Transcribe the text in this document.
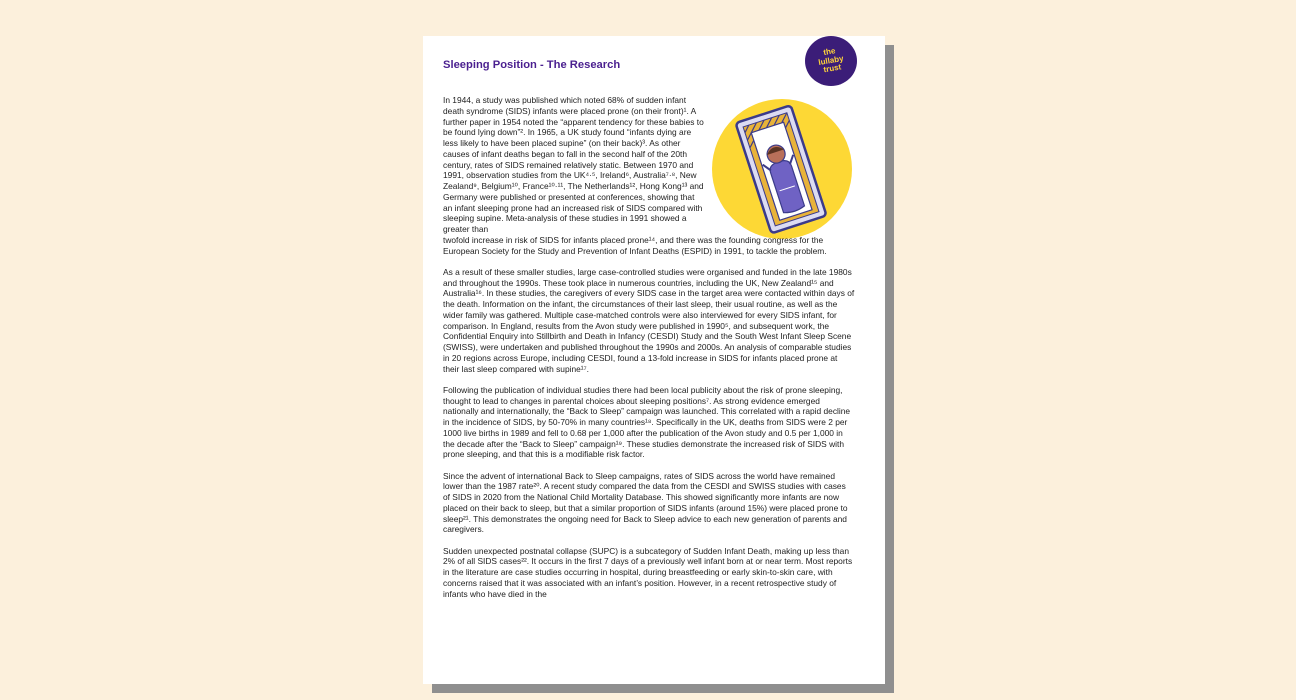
Sleeping Position - The Research
the lullaby trust

In 1944, a study was published which noted 68% of sudden infant death syndrome (SIDS) infants were placed prone (on their front)¹. A further paper in 1954 noted the “apparent tendency for these babies to be found lying down”². In 1965, a UK study found “infants dying are less likely to have been placed supine” (on their back)³. As other causes of infant deaths began to fall in the second half of the 20th century, rates of SIDS remained relatively static. Between 1970 and 1991, observation studies from the UK⁴·⁵, Ireland⁶, Australia⁷·⁸, New Zealand⁹, Belgium¹⁰, France¹⁰·¹¹, The Netherlands¹², Hong Kong¹³ and Germany were published or presented at conferences, showing that an infant sleeping prone had an increased risk of SIDS compared with sleeping supine. Meta-analysis of these studies in 1991 showed a greater than
twofold increase in risk of SIDS for infants placed prone¹⁴, and there was the founding congress for the European Society for the Study and Prevention of Infant Deaths (ESPID) in 1991, to tackle the problem.

As a result of these smaller studies, large case-controlled studies were organised and funded in the late 1980s and throughout the 1990s. These took place in numerous countries, including the UK, New Zealand¹⁵ and Australia¹⁶. In these studies, the caregivers of every SIDS case in the target area were contacted within days of the death. Information on the infant, the circumstances of their last sleep, their usual routine, as well as the wider family was gathered. Multiple case-matched controls were also interviewed for every SIDS infant, for comparison. In England, results from the Avon study were published in 1990⁵, and subsequent work, the Confidential Enquiry into Stillbirth and Death in Infancy (CESDI) Study and the South West Infant Sleep Scene (SWISS), were undertaken and published throughout the 1990s and 2000s. An analysis of comparable studies in 20 regions across Europe, including CESDI, found a 13-fold increase in SIDS for infants placed prone at their last sleep compared with supine¹⁷.

Following the publication of individual studies there had been local publicity about the risk of prone sleeping, thought to lead to changes in parental choices about sleeping positions⁷. As strong evidence emerged nationally and internationally, the “Back to Sleep” campaign was launched. This correlated with a rapid decline in the incidence of SIDS, by 50-70% in many countries¹⁸. Specifically in the UK, deaths from SIDS were 2 per 1000 live births in 1989 and fell to 0.68 per 1,000 after the publication of the Avon study and 0.5 per 1,000 in the decade after the “Back to Sleep” campaign¹⁹. These studies demonstrate the increased risk of SIDS with prone sleeping, and that this is a modifiable risk factor.

Since the advent of international Back to Sleep campaigns, rates of SIDS across the world have remained lower than the 1987 rate²⁰. A recent study compared the data from the CESDI and SWISS studies with cases of SIDS in 2020 from the National Child Mortality Database. This showed significantly more infants are now placed on their back to sleep, but that a similar proportion of SIDS infants (around 15%) were placed prone to sleep²¹. This demonstrates the ongoing need for Back to Sleep advice to each new generation of parents and caregivers.

Sudden unexpected postnatal collapse (SUPC) is a subcategory of Sudden Infant Death, making up less than 2% of all SIDS cases²². It occurs in the first 7 days of a previously well infant born at or near term. Most reports in the literature are case studies occurring in hospital, during breastfeeding or early skin-to-skin care, with concerns raised that it was associated with an infant’s position. However, in a recent retrospective study of infants who have died in the
